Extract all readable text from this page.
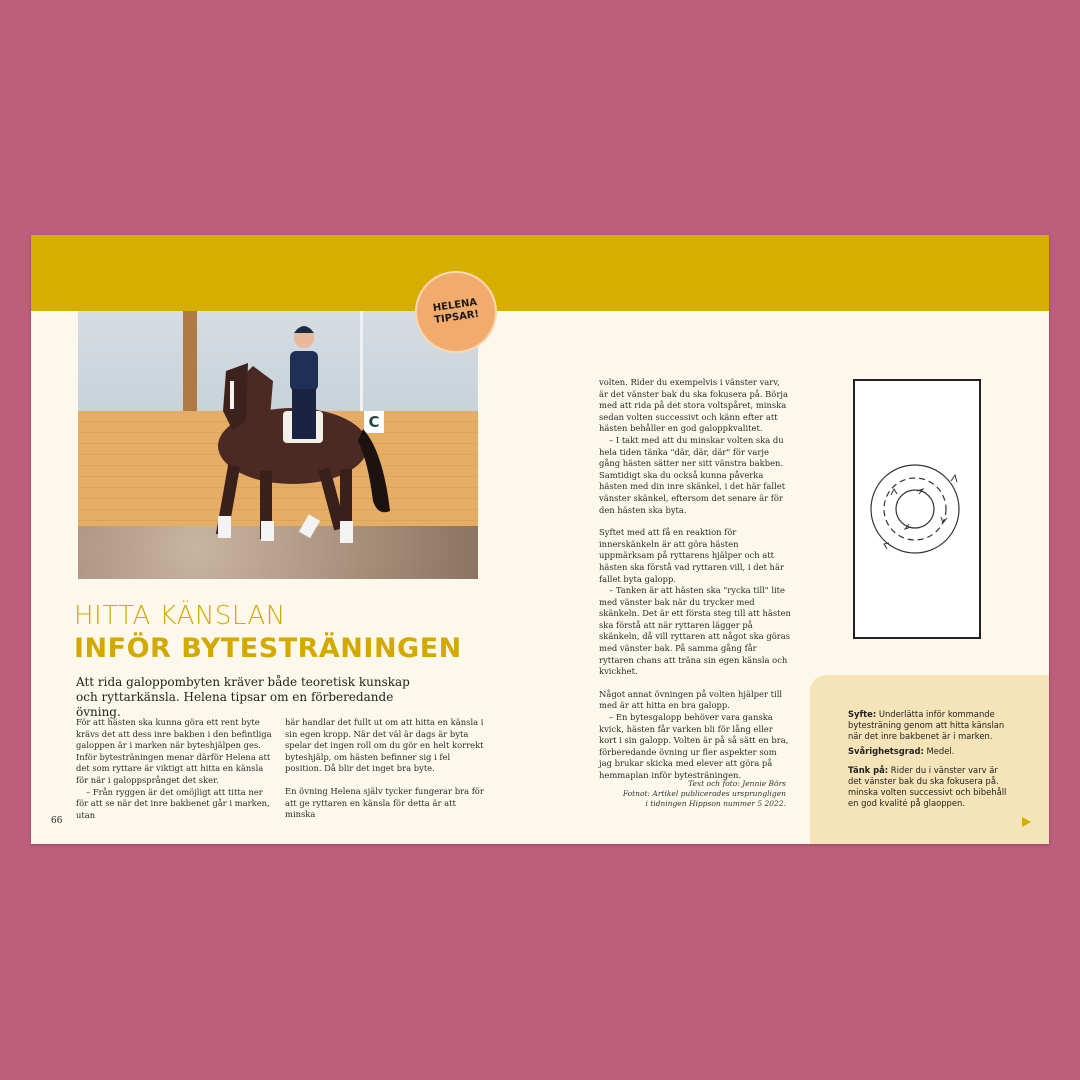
C
HELENA
TIPSAR!
HITTA KÄNSLAN
INFÖR BYTESTRÄNINGEN
Att rida galoppombyten kräver både teoretisk kunskap och ryttarkänsla. Helena tipsar om en förberedande övning.

För att hästen ska kunna göra ett rent byte krävs det att dess inre bakben i den befintliga galoppen är i marken när byteshjälpen ges. Inför bytesträningen menar därför Helena att det som ryttare är viktigt att hitta en känsla för när i galoppsprånget det sker.

– Från ryggen är det omöjligt att titta ner för att se när det inre bakbenet går i marken, utan

här handlar det fullt ut om att hitta en känsla i sin egen kropp. När det väl är dags är byta spelar det ingen roll om du gör en helt korrekt byteshjälp, om hästen befinner sig i fel position. Då blir det inget bra byte.

En övning Helena själv tycker fungerar bra för att ge ryttaren en känsla för detta är att minska

volten. Rider du exempelvis i vänster varv, är det vänster bak du ska fokusera på. Börja med att rida på det stora voltspåret, minska sedan volten successivt och känn efter att hästen behåller en god galoppkvalitet.

– I takt med att du minskar volten ska du hela tiden tänka "där, där, där" för varje gång hästen sätter ner sitt vänstra bakben. Samtidigt ska du också kunna påverka hästen med din inre skänkel, i det här fallet vänster skänkel, eftersom det senare är för den hästen ska byta.

Syftet med att få en reaktion för innerskänkeln är att göra hästen uppmärksam på ryttarens hjälper och att hästen ska förstå vad ryttaren vill, i det här fallet byta galopp.

– Tanken är att hästen ska "rycka till" lite med vänster bak när du trycker med skänkeln. Det är ett första steg till att hästen ska förstå att när ryttaren lägger på skänkeln, då vill ryttaren att något ska göras med vänster bak. På samma gång får ryttaren chans att träna sin egen känsla och kvickhet.

Något annat övningen på volten hjälper till med är att hitta en bra galopp.

– En bytesgalopp behöver vara ganska kvick, hästen får varken bli för lång eller kort i sin galopp. Volten är på så sätt en bra, förberedande övning ur fler aspekter som jag brukar skicka med elever att göra på hemmaplan inför bytesträningen.

Text och foto: Jennie Börs
Fotnot: Artikel publicerades ursprungligen
i tidningen Hippson nummer 5 2022.
66
Syfte: Underlätta inför kommande bytesträning genom att hitta känslan när det inre bakbenet är i marken.
Svårighetsgrad: Medel.
Tänk på: Rider du i vänster varv är det vänster bak du ska fokusera på. minska volten successivt och bibehåll en god kvalité på glaoppen.
